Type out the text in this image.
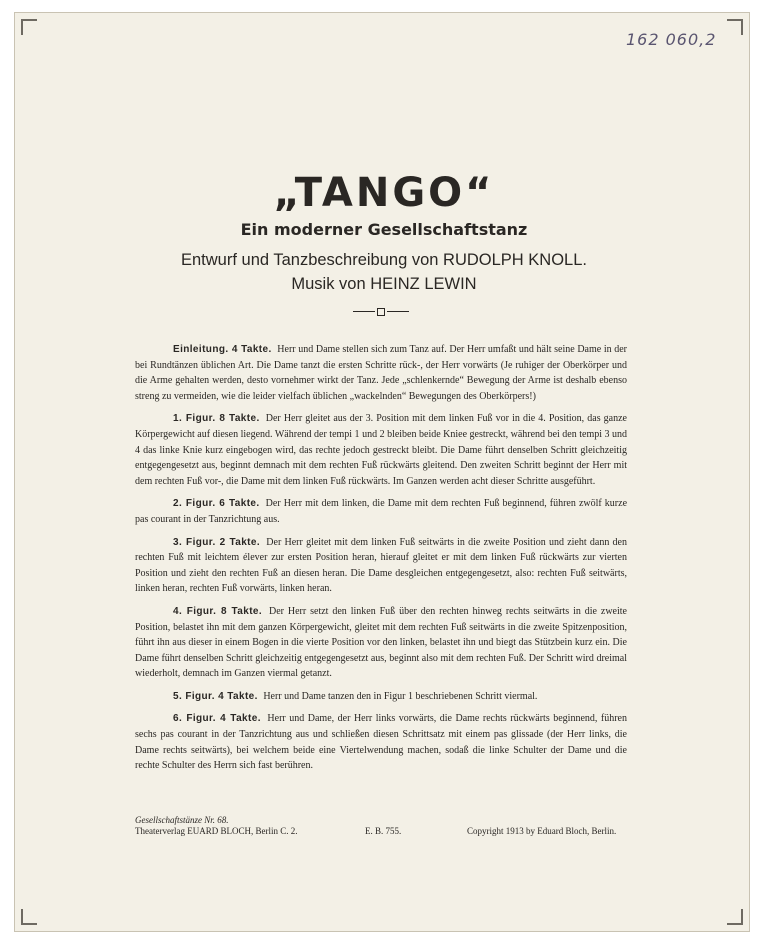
162 060,2
„TANGO“
Ein moderner Gesellschaftstanz
Entwurf und Tanzbeschreibung von RUDOLPH KNOLL.
Musik von HEINZ LEWIN

Einleitung. 4 Takte. Herr und Dame stellen sich zum Tanz auf. Der Herr umfaßt und hält seine Dame in der bei Rundtänzen üblichen Art. Die Dame tanzt die ersten Schritte rück-, der Herr vorwärts (Je ruhiger der Oberkörper und die Arme gehalten werden, desto vornehmer wirkt der Tanz. Jede „schlenkernde“ Bewegung der Arme ist deshalb ebenso streng zu vermeiden, wie die leider vielfach üblichen „wackelnden“ Bewegungen des Oberkörpers!)

1. Figur. 8 Takte. Der Herr gleitet aus der 3. Position mit dem linken Fuß vor in die 4. Position, das ganze Körpergewicht auf diesen liegend. Während der tempi 1 und 2 bleiben beide Kniee gestreckt, während bei den tempi 3 und 4 das linke Knie kurz eingebogen wird, das rechte jedoch gestreckt bleibt. Die Dame führt denselben Schritt gleichzeitig entgegengesetzt aus, beginnt demnach mit dem rechten Fuß rückwärts gleitend. Den zweiten Schritt beginnt der Herr mit dem rechten Fuß vor-, die Dame mit dem linken Fuß rückwärts. Im Ganzen werden acht dieser Schritte ausgeführt.

2. Figur. 6 Takte. Der Herr mit dem linken, die Dame mit dem rechten Fuß beginnend, führen zwölf kurze pas courant in der Tanzrichtung aus.

3. Figur. 2 Takte. Der Herr gleitet mit dem linken Fuß seitwärts in die zweite Position und zieht dann den rechten Fuß mit leichtem élever zur ersten Position heran, hierauf gleitet er mit dem linken Fuß rückwärts zur vierten Position und zieht den rechten Fuß an diesen heran. Die Dame desgleichen entgegengesetzt, also: rechten Fuß seitwärts, linken heran, rechten Fuß vorwärts, linken heran.

4. Figur. 8 Takte. Der Herr setzt den linken Fuß über den rechten hinweg rechts seitwärts in die zweite Position, belastet ihn mit dem ganzen Körpergewicht, gleitet mit dem rechten Fuß seitwärts in die zweite Spitzenposition, führt ihn aus dieser in einem Bogen in die vierte Position vor den linken, belastet ihn und biegt das Stützbein kurz ein. Die Dame führt denselben Schritt gleichzeitig entgegengesetzt aus, beginnt also mit dem rechten Fuß. Der Schritt wird dreimal wiederholt, demnach im Ganzen viermal getanzt.

5. Figur. 4 Takte. Herr und Dame tanzen den in Figur 1 beschriebenen Schritt viermal.

6. Figur. 4 Takte. Herr und Dame, der Herr links vorwärts, die Dame rechts rückwärts beginnend, führen sechs pas courant in der Tanzrichtung aus und schließen diesen Schrittsatz mit einem pas glissade (der Herr links, die Dame rechts seitwärts), bei welchem beide eine Viertelwendung machen, sodaß die linke Schulter der Dame und die rechte Schulter des Herrn sich fast berühren.

Gesellschaftstänze Nr. 68.
Theaterverlag EUARD BLOCH, Berlin C. 2.	E. B. 755.	Copyright 1913 by Eduard Bloch, Berlin.
